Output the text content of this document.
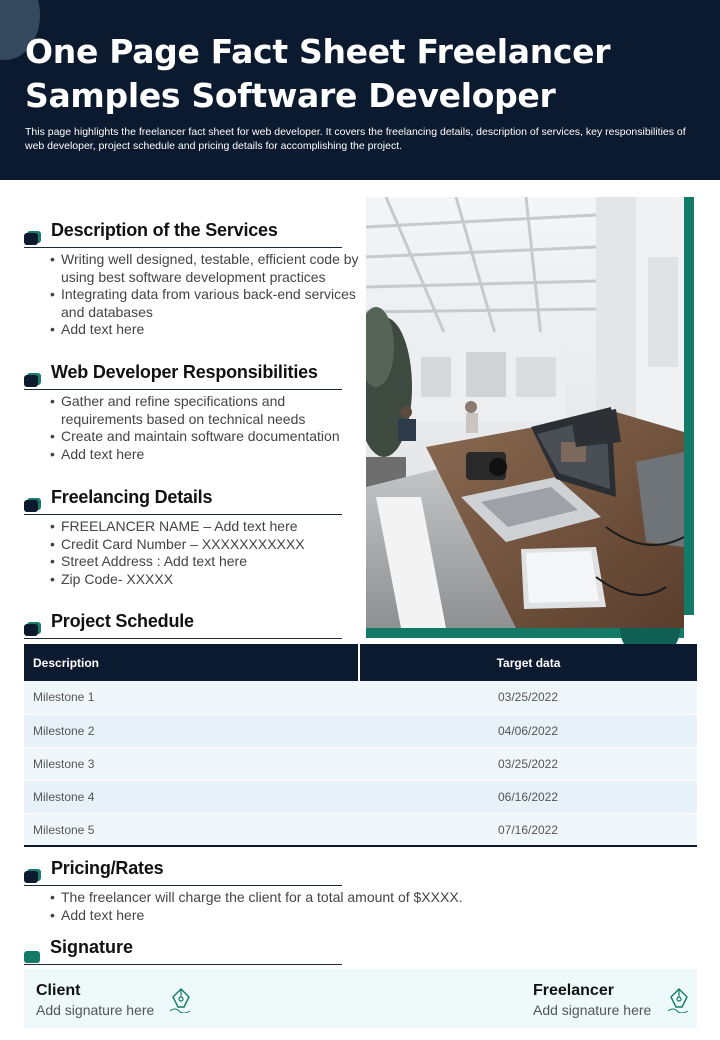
One Page Fact Sheet Freelancer Samples Software Developer
This page highlights the freelancer fact sheet for web developer. It covers the freelancing details, description of services, key responsibilities of web developer, project schedule and pricing details for accomplishing the project.
Description of the Services
• Writing well designed, testable, efficient code by using best software development practices
• Integrating data from various back-end services and databases
• Add text here
Web Developer Responsibilities
• Gather and refine specifications and requirements based on technical needs
• Create and maintain software documentation
• Add text here
Freelancing Details
• FREELANCER NAME – Add text here
• Credit Card Number – XXXXXXXXXXX
• Street Address : Add text here
• Zip Code- XXXXX
Project Schedule
Description	Target data
Milestone 1	03/25/2022
Milestone 2	04/06/2022
Milestone 3	03/25/2022
Milestone 4	06/16/2022
Milestone 5	07/16/2022
Pricing/Rates
• The freelancer will charge the client for a total amount of $XXXX.
• Add text here
Signature
Client
Add signature here
Freelancer
Add signature here
